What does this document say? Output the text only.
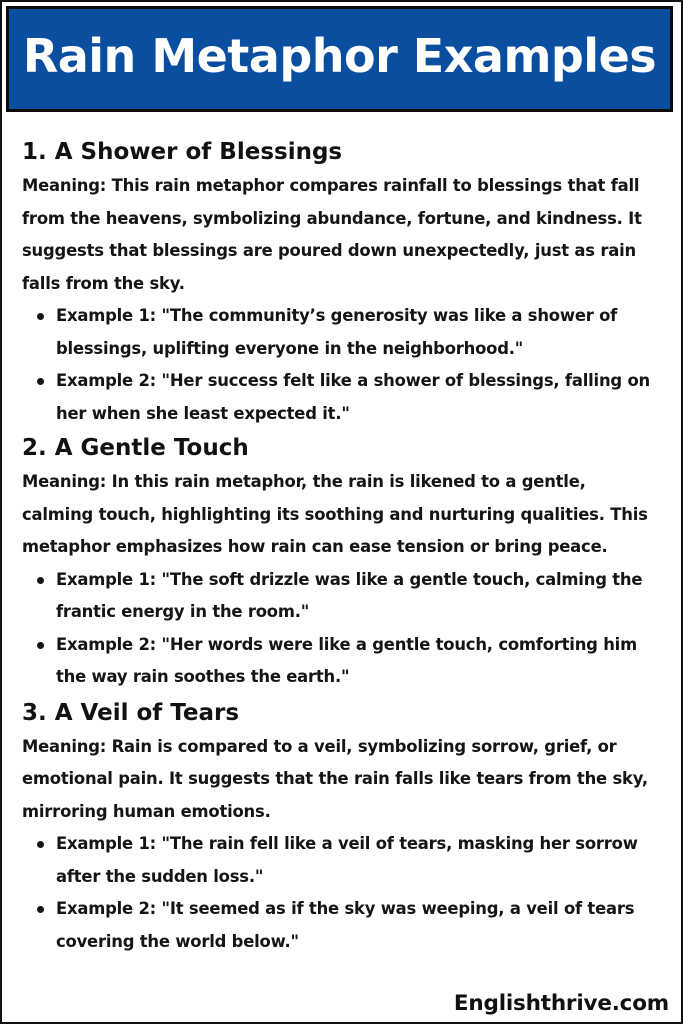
Rain Metaphor Examples
1. A Shower of Blessings

Meaning: This rain metaphor compares rainfall to blessings that fall from the heavens, symbolizing abundance, fortune, and kindness. It suggests that blessings are poured down unexpectedly, just as rain falls from the sky.

Example 1: "The community’s generosity was like a shower of blessings, uplifting everyone in the neighborhood."
Example 2: "Her success felt like a shower of blessings, falling on her when she least expected it."
2. A Gentle Touch

Meaning: In this rain metaphor, the rain is likened to a gentle, calming touch, highlighting its soothing and nurturing qualities. This metaphor emphasizes how rain can ease tension or bring peace.

Example 1: "The soft drizzle was like a gentle touch, calming the frantic energy in the room."
Example 2: "Her words were like a gentle touch, comforting him the way rain soothes the earth."
3. A Veil of Tears

Meaning: Rain is compared to a veil, symbolizing sorrow, grief, or emotional pain. It suggests that the rain falls like tears from the sky, mirroring human emotions.

Example 1: "The rain fell like a veil of tears, masking her sorrow after the sudden loss."
Example 2: "It seemed as if the sky was weeping, a veil of tears covering the world below."
Englishthrive.com
